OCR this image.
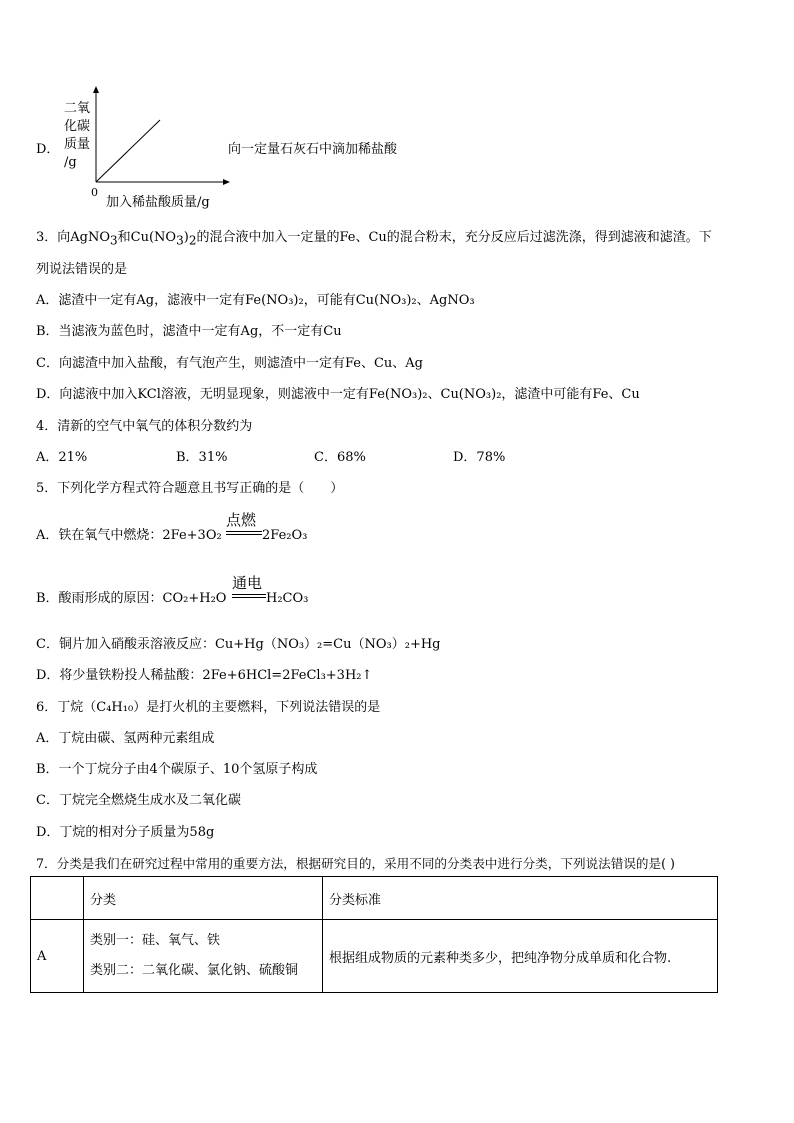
D．
二氧
化碳
质量
/g
0
加入稀盐酸质量/g
向一定量石灰石中滴加稀盐酸
3．向AgNO$_3$和$Cu(NO_3)_2$的混合液中加入一定量的Fe、Cu的混合粉末，充分反应后过滤洗涤，得到滤液和滤渣。下
列说法错误的是
A．滤渣中一定有Ag，滤液中一定有Fe(NO₃)₂，可能有Cu(NO₃)₂、AgNO₃
B．当滤液为蓝色时，滤渣中一定有Ag，不一定有Cu
C．向滤渣中加入盐酸，有气泡产生，则滤渣中一定有Fe、Cu、Ag
D．向滤液中加入KCl溶液，无明显现象，则滤液中一定有Fe(NO₃)₂、Cu(NO₃)₂，滤渣中可能有Fe、Cu
4．清新的空气中氧气的体积分数约为
A．21%	B．31%	C．68%	D．78%
5．下列化学方程式符合题意且书写正确的是（　　）
A．铁在氧气中燃烧：2Fe+3O₂
点燃
2Fe₂O₃
B．酸雨形成的原因：CO₂+H₂O
通电
H₂CO₃
C．铜片加入硝酸汞溶液反应：Cu+Hg（NO₃）₂=Cu（NO₃）₂+Hg
D．将少量铁粉投人稀盐酸：2Fe+6HCl=2FeCl₃+3H₂↑
6．丁烷（C₄H₁₀）是打火机的主要燃料，下列说法错误的是
A．丁烷由碳、氢两种元素组成
B．一个丁烷分子由4个碳原子、10个氢原子构成
C．丁烷完全燃烧生成水及二氧化碳
D．丁烷的相对分子质量为58g
7．分类是我们在研究过程中常用的重要方法，根据研究目的，采用不同的分类表中进行分类，下列说法错误的是( )
	分类	分类标准
A	类别一：硅、氧气、铁
类别二：二氧化碳、氯化钠、硫酸铜	根据组成物质的元素种类多少，把纯净物分成单质和化合物.
